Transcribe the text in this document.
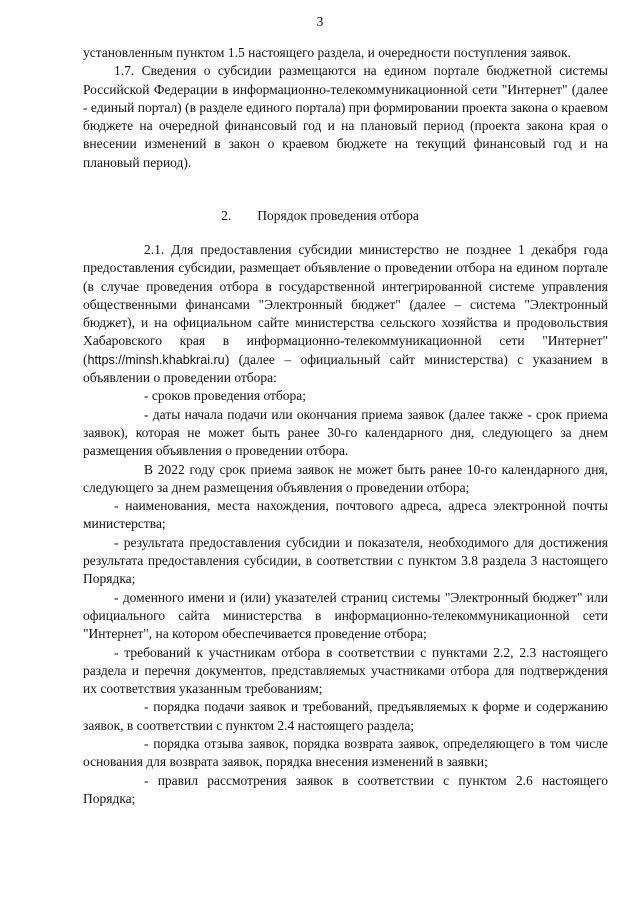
3

установленным пунктом 1.5 настоящего раздела, и очередности поступления заявок.

1.7. Сведения о субсидии размещаются на едином портале бюджетной системы Российской Федерации в информационно-телекоммуникационной сети "Интернет" (далее - единый портал) (в разделе единого портала) при формировании проекта закона о краевом бюджете на очередной финансовый год и на плановый период (проекта закона края о внесении изменений в закон о краевом бюджете на текущий финансовый год и на плановый период).

2. Порядок проведения отбора

2.1. Для предоставления субсидии министерство не позднее 1 декабря года предоставления субсидии, размещает объявление о проведении отбора на едином портале (в случае проведения отбора в государственной интегрированной системе управления общественными финансами "Электронный бюджет" (далее – система "Электронный бюджет), и на официальном сайте министерства сельского хозяйства и продовольствия Хабаровского края в информационно-телекоммуникационной сети "Интернет" (https://minsh.khabkrai.ru) (далее – официальный сайт министерства) с указанием в объявлении о проведении отбора:

- сроков проведения отбора;

- даты начала подачи или окончания приема заявок (далее также - срок приема заявок), которая не может быть ранее 30-го календарного дня, следующего за днем размещения объявления о проведении отбора.

В 2022 году срок приема заявок не может быть ранее 10-го календарного дня, следующего за днем размещения объявления о проведении отбора;

- наименования, места нахождения, почтового адреса, адреса электронной почты министерства;

- результата предоставления субсидии и показателя, необходимого для достижения результата предоставления субсидии, в соответствии с пунктом 3.8 раздела 3 настоящего Порядка;

- доменного имени и (или) указателей страниц системы "Электронный бюджет" или официального сайта министерства в информационно-телекоммуникационной сети "Интернет", на котором обеспечивается проведение отбора;

- требований к участникам отбора в соответствии с пунктами 2.2, 2.3 настоящего раздела и перечня документов, представляемых участниками отбора для подтверждения их соответствия указанным требованиям;

- порядка подачи заявок и требований, предъявляемых к форме и содержанию заявок, в соответствии с пунктом 2.4 настоящего раздела;

- порядка отзыва заявок, порядка возврата заявок, определяющего в том числе основания для возврата заявок, порядка внесения изменений в заявки;

- правил рассмотрения заявок в соответствии с пунктом 2.6 настоящего Порядка;
